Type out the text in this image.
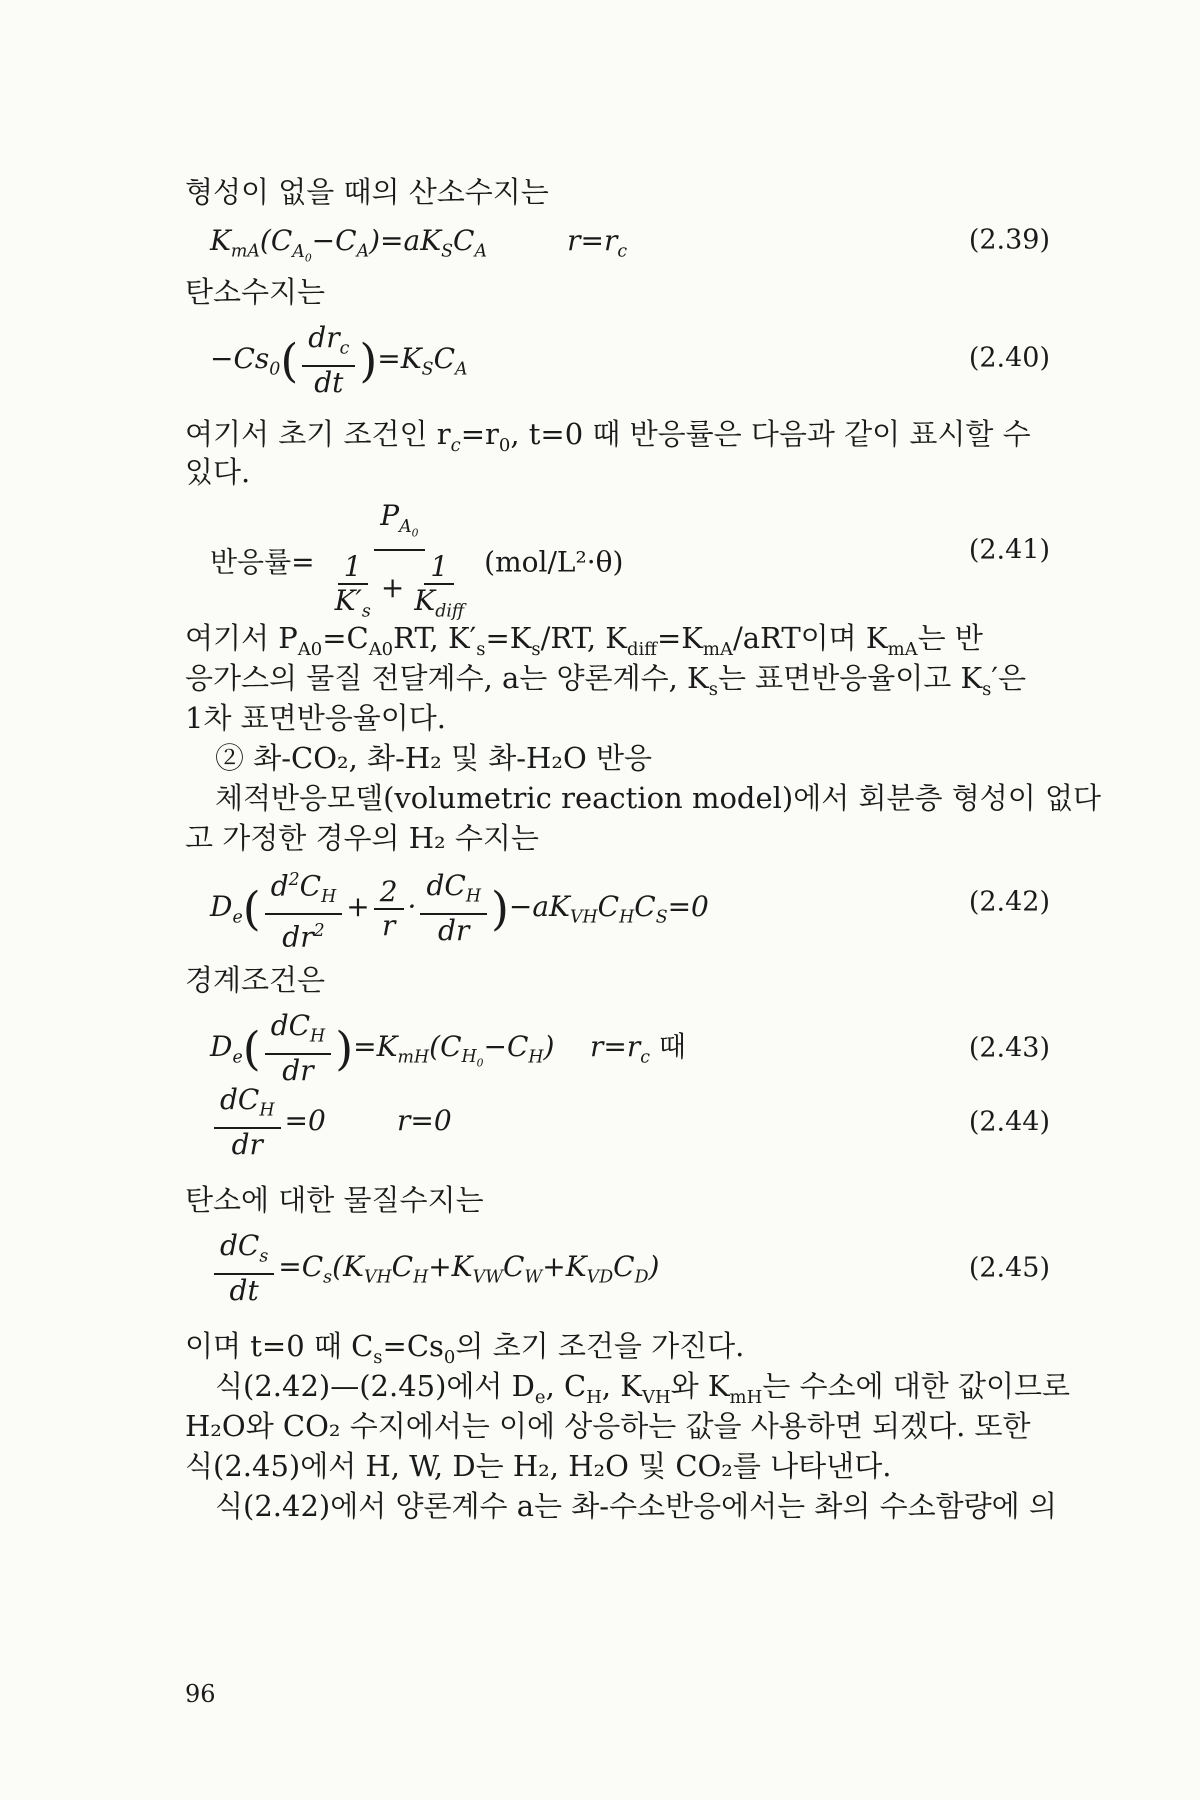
형성이 없을 때의 산소수지는
$K_{mA}(C_{A_0}-C_A)=aK_SC_A$         $r=r_c$	(2.39)
탄소수지는
$-Cs_0( \frac{dr_c}{dt} )=K_SC_A$	(2.40)
여기서 초기 조건인 $r_c=r_0$, t=0 때 반응률은 다음과 같이 표시할 수
있다.
반응률= $\frac{P_{A_0}}{\frac{1}{K'_s} + \frac{1}{K_{diff}}} (mol/L^2\cdot\theta)$	(2.41)
여기서 $P_{A0}=C_{A0}RT$, $K'_s=K_s/RT$, $K_{diff}=K_{mA}$/aRT이며 $K_{mA}$는 반
응가스의 물질 전달계수, a는 양론계수, $K_s$는 표면반응율이고 $K_s'$은
1차 표면반응율이다.
② 촤-CO₂, 촤-H₂ 및 촤-H₂O 반응
체적반응모델(volumetric reaction model)에서 회분층 형성이 없다
고 가정한 경우의 H₂ 수지는
$D_e( \frac{d^2C_H}{dr^2} + \frac{2}{r} \cdot \frac{dC_H}{dr} )-aK_{VH}C_HC_S=0$	(2.42)
경계조건은
$D_e( \frac{dC_H}{dr} )=K_{mH}(C_{H_0}-C_H)$    $r=r_c$ 때	(2.43)
$\frac{dC_H}{dr} =0$        r=0	(2.44)
탄소에 대한 물질수지는
$\frac{dC_s}{dt} =C_s(K_{VH}C_H+K_{VW}C_W+K_{VD}C_D)$	(2.45)
이며 t=0 때 $C_s=Cs_0$의 초기 조건을 가진다.
식(2.42)—(2.45)에서 $D_e$, $C_H$, $K_{VH}$와 $K_{mH}$는 수소에 대한 값이므로
H₂O와 CO₂ 수지에서는 이에 상응하는 값을 사용하면 되겠다. 또한
식(2.45)에서 H, W, D는 H₂, H₂O 및 CO₂를 나타낸다.
식(2.42)에서 양론계수 a는 촤-수소반응에서는 촤의 수소함량에 의
96
